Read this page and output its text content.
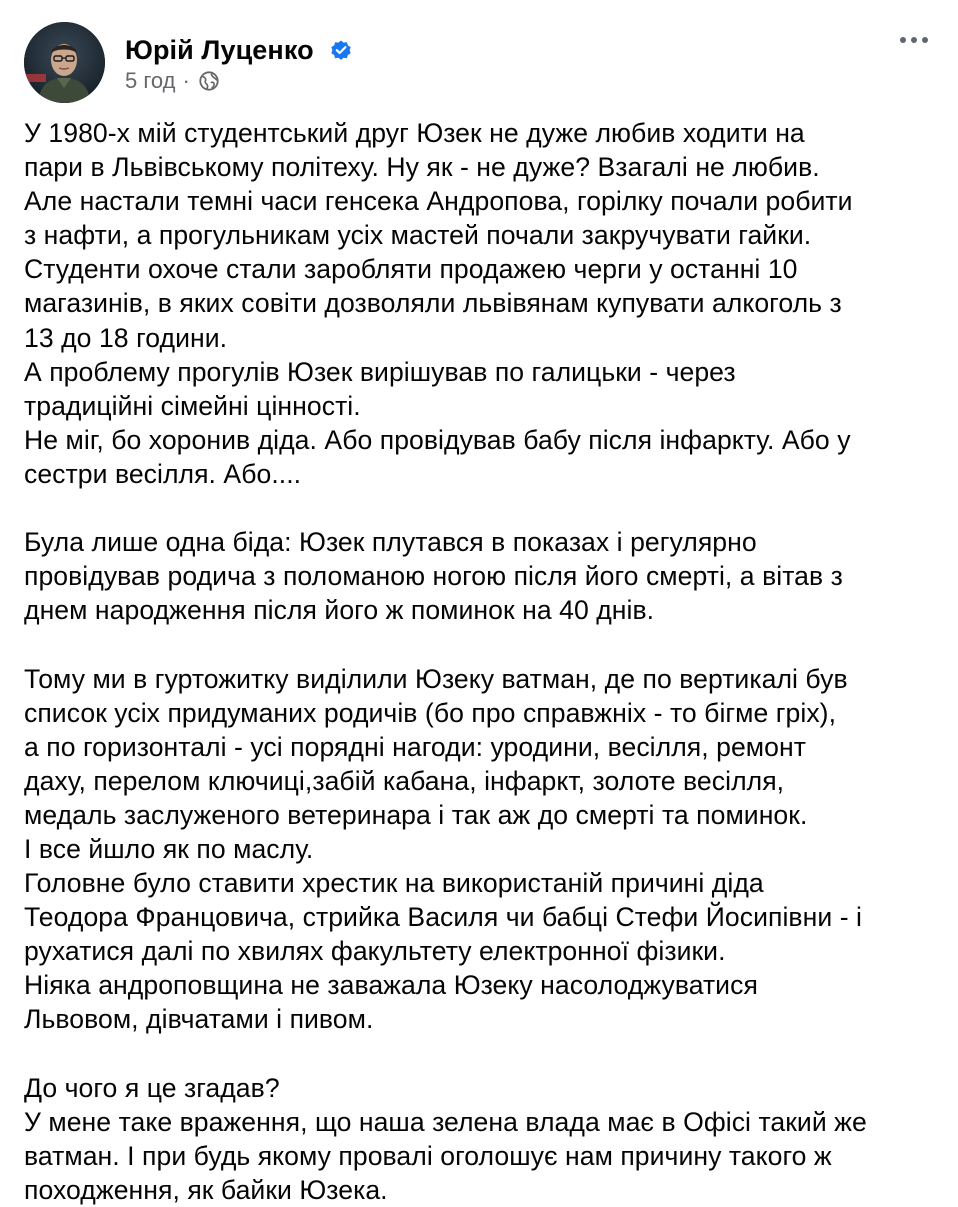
Юрій Луценко
5 год ·

У 1980-х мій студентський друг Юзек не дуже любив ходити на

пари в Львівському політеху. Ну як - не дуже? Взагалі не любив.

Але настали темні часи генсека Андропова, горілку почали робити

з нафти, а прогульникам усіх мастей почали закручувати гайки.

Студенти охоче стали заробляти продажею черги у останні 10

магазинів, в яких совіти дозволяли львівянам купувати алкоголь з

13 до 18 години.

А проблему прогулів Юзек вирішував по галицьки - через

традиційні сімейні цінності.

Не міг, бо хоронив діда. Або провідував бабу після інфаркту. Або у

сестри весілля. Або....

Була лише одна біда: Юзек плутався в показах і регулярно

провідував родича з поломаною ногою після його смерті, а вітав з

днем народження після його ж поминок на 40 днів.

Тому ми в гуртожитку виділили Юзеку ватман, де по вертикалі був

список усіх придуманих родичів (бо про справжніх - то бігме гріх),

а по горизонталі - усі порядні нагоди: уродини, весілля, ремонт

даху, перелом ключиці,забій кабана, інфаркт, золоте весілля,

медаль заслуженого ветеринара і так аж до смерті та поминок.

І все йшло як по маслу.

Головне було ставити хрестик на використаній причині діда

Теодора Францовича, стрийка Василя чи бабці Стефи Йосипівни - і

рухатися далі по хвилях факультету електронної фізики.

Ніяка андроповщина не заважала Юзеку насолоджуватися

Львовом, дівчатами і пивом.

До чого я це згадав?

У мене таке враження, що наша зелена влада має в Офісі такий же

ватман. І при будь якому провалі оголошує нам причину такого ж

походження, як байки Юзека.
